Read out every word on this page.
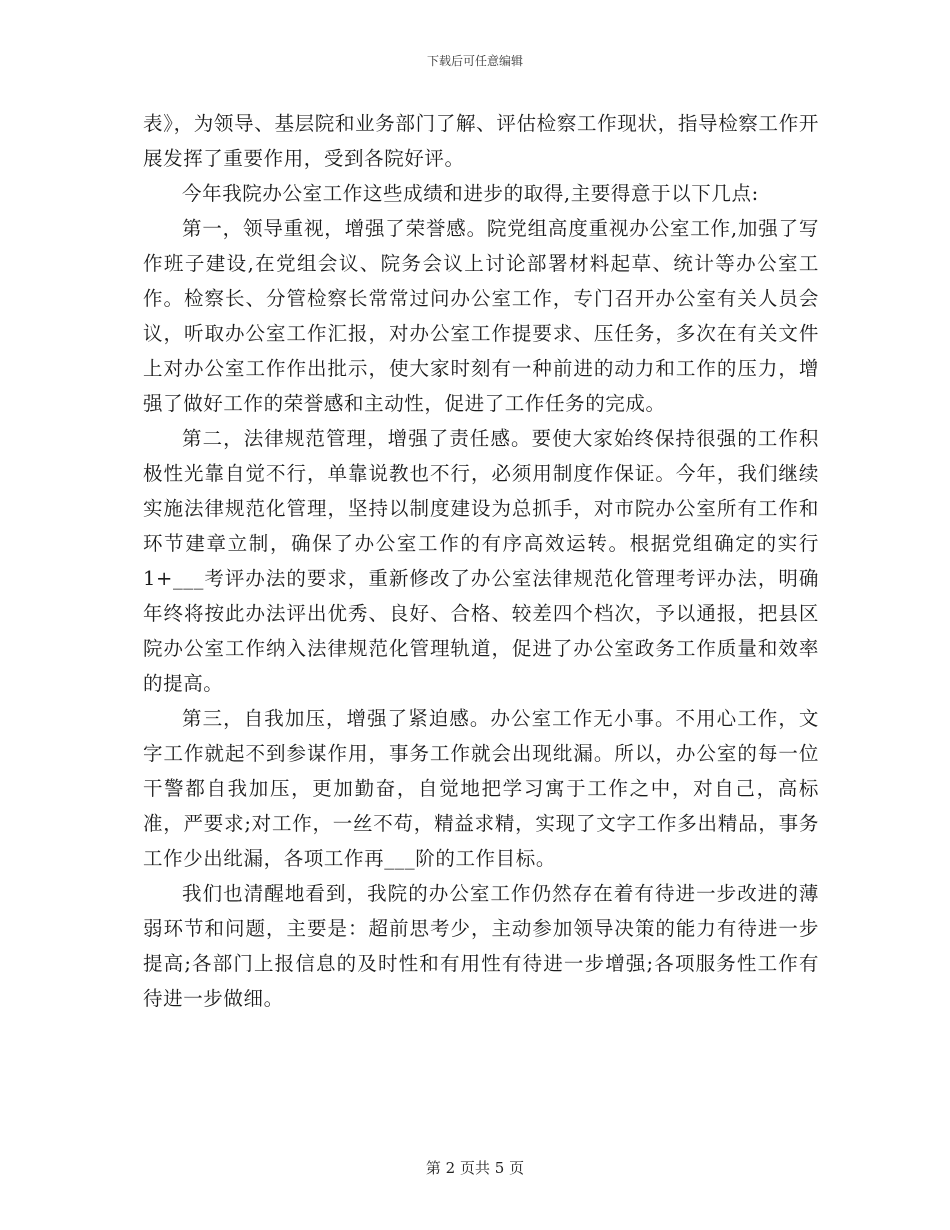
下载后可任意编辑

表》，为领导、基层院和业务部门了解、评估检察工作现状，指导检察工作开展发挥了重要作用，受到各院好评。

今年我院办公室工作这些成绩和进步的取得,主要得意于以下几点:

第一，领导重视，增强了荣誉感。院党组高度重视办公室工作,加强了写作班子建设,在党组会议、院务会议上讨论部署材料起草、统计等办公室工作。检察长、分管检察长常常过问办公室工作，专门召开办公室有关人员会议，听取办公室工作汇报，对办公室工作提要求、压任务，多次在有关文件上对办公室工作作出批示，使大家时刻有一种前进的动力和工作的压力，增强了做好工作的荣誉感和主动性，促进了工作任务的完成。

第二，法律规范管理，增强了责任感。要使大家始终保持很强的工作积极性光靠自觉不行，单靠说教也不行，必须用制度作保证。今年，我们继续实施法律规范化管理，坚持以制度建设为总抓手，对市院办公室所有工作和环节建章立制，确保了办公室工作的有序高效运转。根据党组确定的实行 1+___考评办法的要求，重新修改了办公室法律规范化管理考评办法，明确年终将按此办法评出优秀、良好、合格、较差四个档次，予以通报，把县区院办公室工作纳入法律规范化管理轨道，促进了办公室政务工作质量和效率的提高。

第三，自我加压，增强了紧迫感。办公室工作无小事。不用心工作，文字工作就起不到参谋作用，事务工作就会出现纰漏。所以，办公室的每一位干警都自我加压，更加勤奋，自觉地把学习寓于工作之中，对自己，高标准，严要求;对工作，一丝不苟，精益求精，实现了文字工作多出精品，事务工作少出纰漏，各项工作再___阶的工作目标。

我们也清醒地看到，我院的办公室工作仍然存在着有待进一步改进的薄弱环节和问题，主要是：超前思考少，主动参加领导决策的能力有待进一步提高;各部门上报信息的及时性和有用性有待进一步增强;各项服务性工作有待进一步做细。

第 2 页共 5 页
